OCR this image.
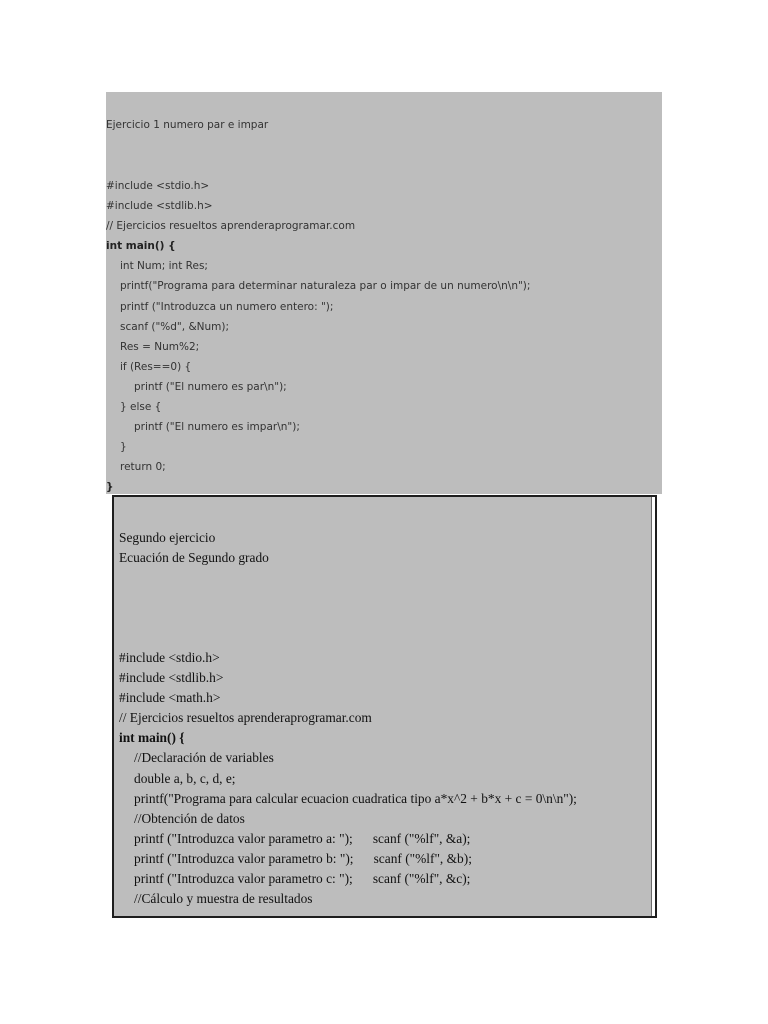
Ejercicio 1 numero par e impar
#include <stdio.h>
#include <stdlib.h>
// Ejercicios resueltos aprenderaprogramar.com
int main() {
int Num; int Res;
printf("Programa para determinar naturaleza par o impar de un numero\n\n");
printf ("Introduzca un numero entero: ");
scanf ("%d", &Num);
Res = Num%2;
if (Res==0) {
printf ("El numero es par\n");
} else {
printf ("El numero es impar\n");
}
return 0;
}
Segundo ejercicio
Ecuación de Segundo grado
#include <stdio.h>
#include <stdlib.h>
#include <math.h>
// Ejercicios resueltos aprenderaprogramar.com
int main() {
//Declaración de variables
double a, b, c, d, e;
printf("Programa para calcular ecuacion cuadratica tipo a*x^2 + b*x + c = 0\n\n");
//Obtención de datos
printf ("Introduzca valor parametro a: ");      scanf ("%lf", &a);
printf ("Introduzca valor parametro b: ");      scanf ("%lf", &b);
printf ("Introduzca valor parametro c: ");      scanf ("%lf", &c);
//Cálculo y muestra de resultados
